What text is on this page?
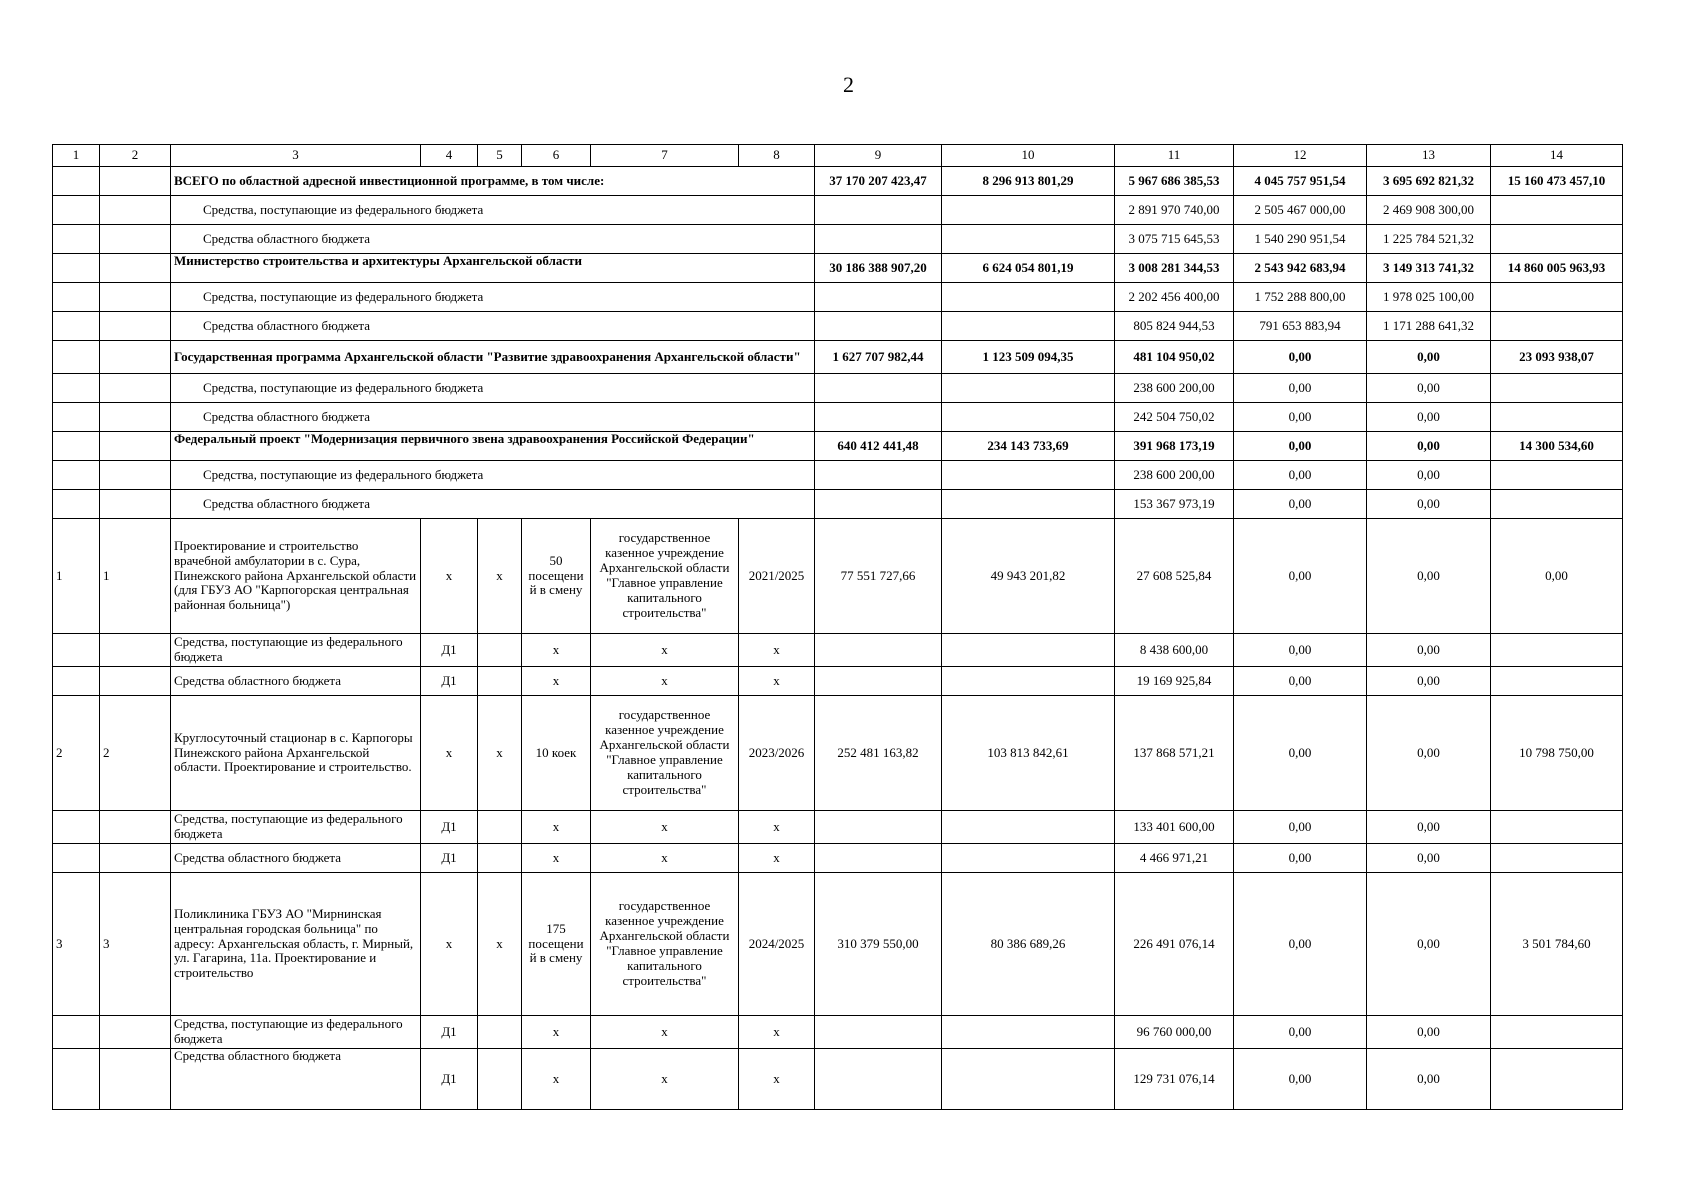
2
1	2	3	4	5	6	7	8	9	10	11	12	13	14
		ВСЕГО по областной адресной инвестиционной программе, в том числе:						37 170 207 423,47	8 296 913 801,29	5 967 686 385,53	4 045 757 951,54	3 695 692 821,32	15 160 473 457,10
		Средства, поступающие из федерального бюджета								2 891 970 740,00	2 505 467 000,00	2 469 908 300,00	
		Средства областного бюджета								3 075 715 645,53	1 540 290 951,54	1 225 784 521,32	
		Министерство строительства и архитектуры Архангельской области						30 186 388 907,20	6 624 054 801,19	3 008 281 344,53	2 543 942 683,94	3 149 313 741,32	14 860 005 963,93
		Средства, поступающие из федерального бюджета								2 202 456 400,00	1 752 288 800,00	1 978 025 100,00	
		Средства областного бюджета								805 824 944,53	791 653 883,94	1 171 288 641,32	
		Государственная программа Архангельской области "Развитие здравоохранения Архангельской области"						1 627 707 982,44	1 123 509 094,35	481 104 950,02	0,00	0,00	23 093 938,07
		Средства, поступающие из федерального бюджета								238 600 200,00	0,00	0,00	
		Средства областного бюджета								242 504 750,02	0,00	0,00	
		Федеральный проект "Модернизация первичного звена здравоохранения Российской Федерации"						640 412 441,48	234 143 733,69	391 968 173,19	0,00	0,00	14 300 534,60
		Средства, поступающие из федерального бюджета								238 600 200,00	0,00	0,00	
		Средства областного бюджета								153 367 973,19	0,00	0,00	
1	1	Проектирование и строительство врачебной амбулатории в с. Сура, Пинежского района Архангельской области (для ГБУЗ АО "Карпогорская центральная районная больница")	х	х	50 посещени й в смену	государственное казенное учреждение Архангельской области "Главное управление капитального строительства"	2021/2025	77 551 727,66	49 943 201,82	27 608 525,84	0,00	0,00	0,00
		Средства, поступающие из федерального бюджета	Д1		х	х	х			8 438 600,00	0,00	0,00	
		Средства областного бюджета	Д1		х	х	х			19 169 925,84	0,00	0,00	
2	2	Круглосуточный стационар в с. Карпогоры Пинежского района Архангельской области. Проектирование и строительство.	х	х	10 коек	государственное казенное учреждение Архангельской области "Главное управление капитального строительства"	2023/2026	252 481 163,82	103 813 842,61	137 868 571,21	0,00	0,00	10 798 750,00
		Средства, поступающие из федерального бюджета	Д1		х	х	х			133 401 600,00	0,00	0,00	
		Средства областного бюджета	Д1		х	х	х			4 466 971,21	0,00	0,00	
3	3	Поликлиника ГБУЗ АО "Мирнинская центральная городская больница" по адресу: Архангельская область, г. Мирный, ул. Гагарина, 11а. Проектирование и строительство	х	х	175 посещени й в смену	государственное казенное учреждение Архангельской области "Главное управление капитального строительства"	2024/2025	310 379 550,00	80 386 689,26	226 491 076,14	0,00	0,00	3 501 784,60
		Средства, поступающие из федерального бюджета	Д1		х	х	х			96 760 000,00	0,00	0,00	
		Средства областного бюджета	Д1		х	х	х			129 731 076,14	0,00	0,00	
